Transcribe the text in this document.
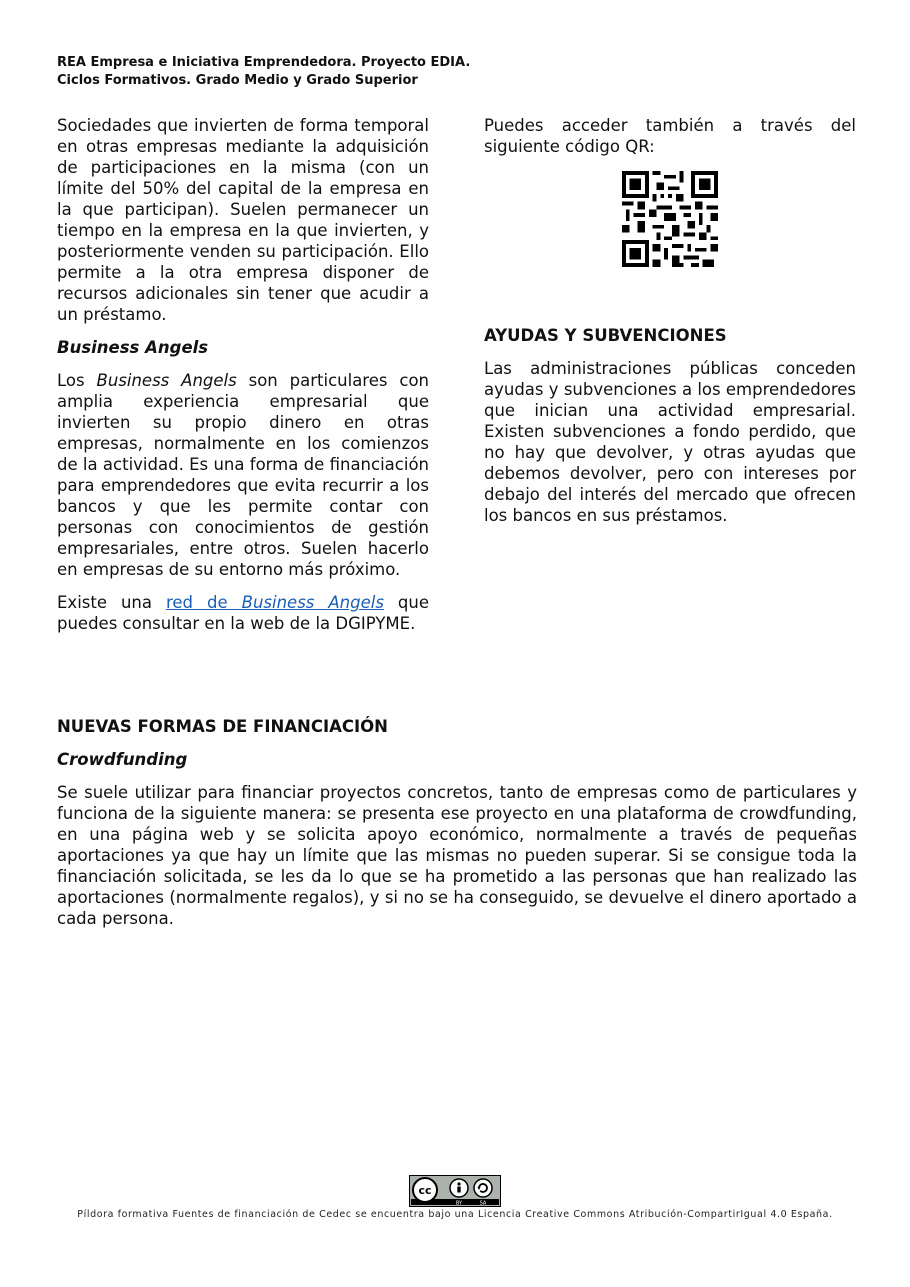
REA Empresa e Iniciativa Emprendedora. Proyecto EDIA.
Ciclos Formativos. Grado Medio y Grado Superior

Sociedades que invierten de forma temporal en otras empresas mediante la adquisición de participaciones en la misma (con un límite del 50% del capital de la empresa en la que participan). Suelen permanecer un tiempo en la empresa en la que invierten, y posteriormente venden su participación. Ello permite a la otra empresa disponer de recursos adicionales sin tener que acudir a un préstamo.

Business Angels

Los Business Angels son particulares con amplia experiencia empresarial que invierten su propio dinero en otras empresas, normalmente en los comienzos de la actividad. Es una forma de financiación para emprendedores que evita recurrir a los bancos y que les permite contar con personas con conocimientos de gestión empresariales, entre otros. Suelen hacerlo en empresas de su entorno más próximo.

Existe una red de Business Angels que puedes consultar en la web de la DGIPYME.

Puedes acceder también a través del siguiente código QR:

AYUDAS Y SUBVENCIONES

Las administraciones públicas conceden ayudas y subvenciones a los emprendedores que inician una actividad empresarial. Existen subvenciones a fondo perdido, que no hay que devolver, y otras ayudas que debemos devolver, pero con intereses por debajo del interés del mercado que ofrecen los bancos en sus préstamos.

NUEVAS FORMAS DE FINANCIACIÓN
Crowdfunding

Se suele utilizar para financiar proyectos concretos, tanto de empresas como de particulares y funciona de la siguiente manera: se presenta ese proyecto en una plataforma de crowdfunding, en una página web y se solicita apoyo económico, normalmente a través de pequeñas aportaciones ya que hay un límite que las mismas no pueden superar. Si se consigue toda la financiación solicitada, se les da lo que se ha prometido a las personas que han realizado las aportaciones (normalmente regalos), y si no se ha conseguido, se devuelve el dinero aportado a cada persona.

cc
BY	SA
Píldora formativa Fuentes de financiación de Cedec se encuentra bajo una Licencia Creative Commons Atribución-CompartirIgual 4.0 España.
